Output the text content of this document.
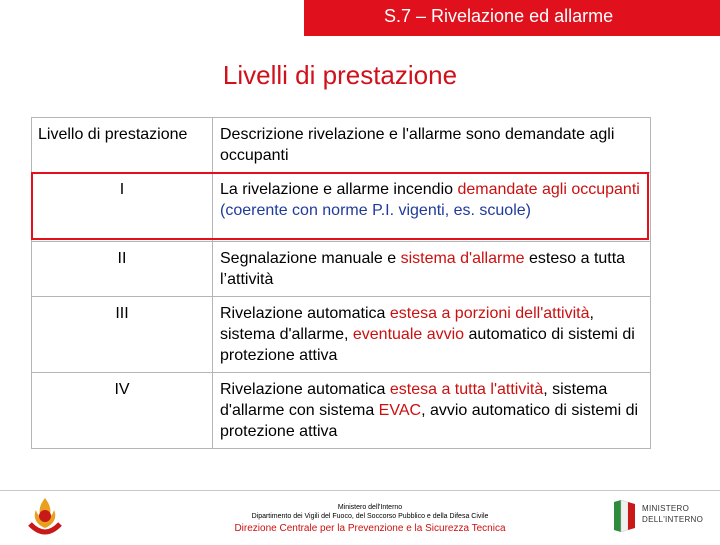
S.7 – Rivelazione ed allarme
Livelli di prestazione
Livello di prestazione	Descrizione rivelazione e l'allarme sono demandate agli occupanti
I	La rivelazione e allarme incendio demandate agli occupanti (coerente con norme P.I. vigenti, es. scuole)
II	Segnalazione manuale e sistema d'allarme esteso a tutta l’attività
III	Rivelazione automatica estesa a porzioni dell'attività, sistema d'allarme, eventuale avvio automatico di sistemi di protezione attiva
IV	Rivelazione automatica estesa a tutta l'attività, sistema d'allarme con sistema EVAC, avvio automatico di sistemi di protezione attiva
Ministero dell'Interno
Dipartimento dei Vigili del Fuoco, del Soccorso Pubblico e della Difesa Civile
Direzione Centrale per la Prevenzione e la Sicurezza Tecnica
MINISTERO
DELL'INTERNO
